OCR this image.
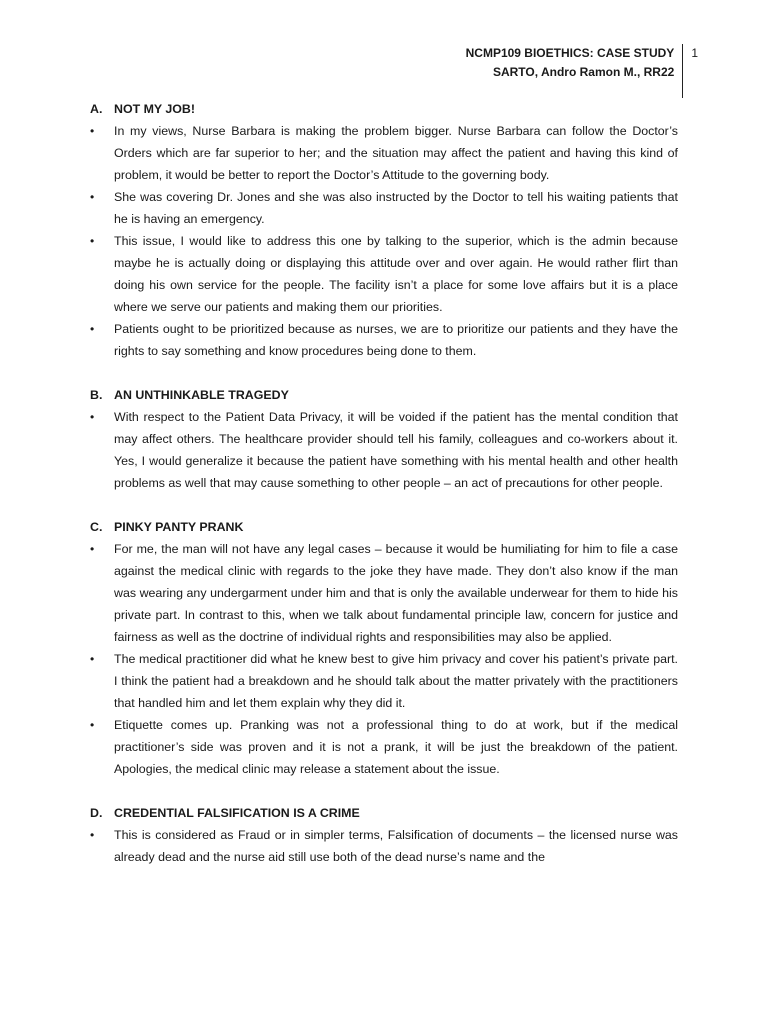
NCMP109 BIOETHICS: CASE STUDY
SARTO, Andro Ramon M., RR22
1
A. NOT MY JOB!
•	In my views, Nurse Barbara is making the problem bigger. Nurse Barbara can follow the Doctor’s Orders which are far superior to her; and the situation may affect the patient and having this kind of problem, it would be better to report the Doctor’s Attitude to the governing body.
•	She was covering Dr. Jones and she was also instructed by the Doctor to tell his waiting patients that he is having an emergency.
•	This issue, I would like to address this one by talking to the superior, which is the admin because maybe he is actually doing or displaying this attitude over and over again. He would rather flirt than doing his own service for the people. The facility isn’t a place for some love affairs but it is a place where we serve our patients and making them our priorities.
•	Patients ought to be prioritized because as nurses, we are to prioritize our patients and they have the rights to say something and know procedures being done to them.
B. AN UNTHINKABLE TRAGEDY
•	With respect to the Patient Data Privacy, it will be voided if the patient has the mental condition that may affect others. The healthcare provider should tell his family, colleagues and co-workers about it. Yes, I would generalize it because the patient have something with his mental health and other health problems as well that may cause something to other people – an act of precautions for other people.
C. PINKY PANTY PRANK
•	For me, the man will not have any legal cases – because it would be humiliating for him to file a case against the medical clinic with regards to the joke they have made. They don’t also know if the man was wearing any undergarment under him and that is only the available underwear for them to hide his private part. In contrast to this, when we talk about fundamental principle law, concern for justice and fairness as well as the doctrine of individual rights and responsibilities may also be applied.
•	The medical practitioner did what he knew best to give him privacy and cover his patient’s private part. I think the patient had a breakdown and he should talk about the matter privately with the practitioners that handled him and let them explain why they did it.
•	Etiquette comes up. Pranking was not a professional thing to do at work, but if the medical practitioner’s side was proven and it is not a prank, it will be just the breakdown of the patient. Apologies, the medical clinic may release a statement about the issue.
D. CREDENTIAL FALSIFICATION IS A CRIME
•	This is considered as Fraud or in simpler terms, Falsification of documents – the licensed nurse was already dead and the nurse aid still use both of the dead nurse’s name and the
